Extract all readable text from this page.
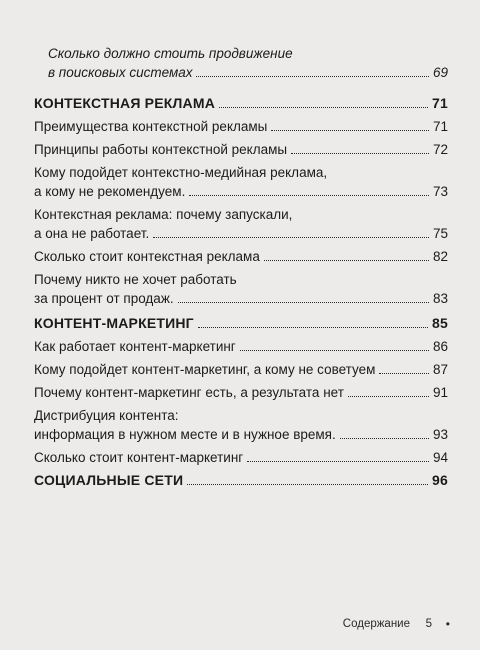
Сколько должно стоить продвижение
в поисковых системах	69
КОНТЕКСТНАЯ РЕКЛАМА	71
Преимущества контекстной рекламы	71
Принципы работы контекстной рекламы	72
Кому подойдет контекстно-медийная реклама,
а кому не рекомендуем.	73
Контекстная реклама: почему запускали,
а она не работает.	75
Сколько стоит контекстная реклама	82
Почему никто не хочет работать
за процент от продаж.	83
КОНТЕНТ-МАРКЕТИНГ	85
Как работает контент-маркетинг	86
Кому подойдет контент-маркетинг, а кому не советуем	87
Почему контент-маркетинг есть, а результата нет	91
Дистрибуция контента:
информация в нужном месте и в нужное время.	93
Сколько стоит контент-маркетинг	94
СОЦИАЛЬНЫЕ СЕТИ	96
Содержание 5 •
